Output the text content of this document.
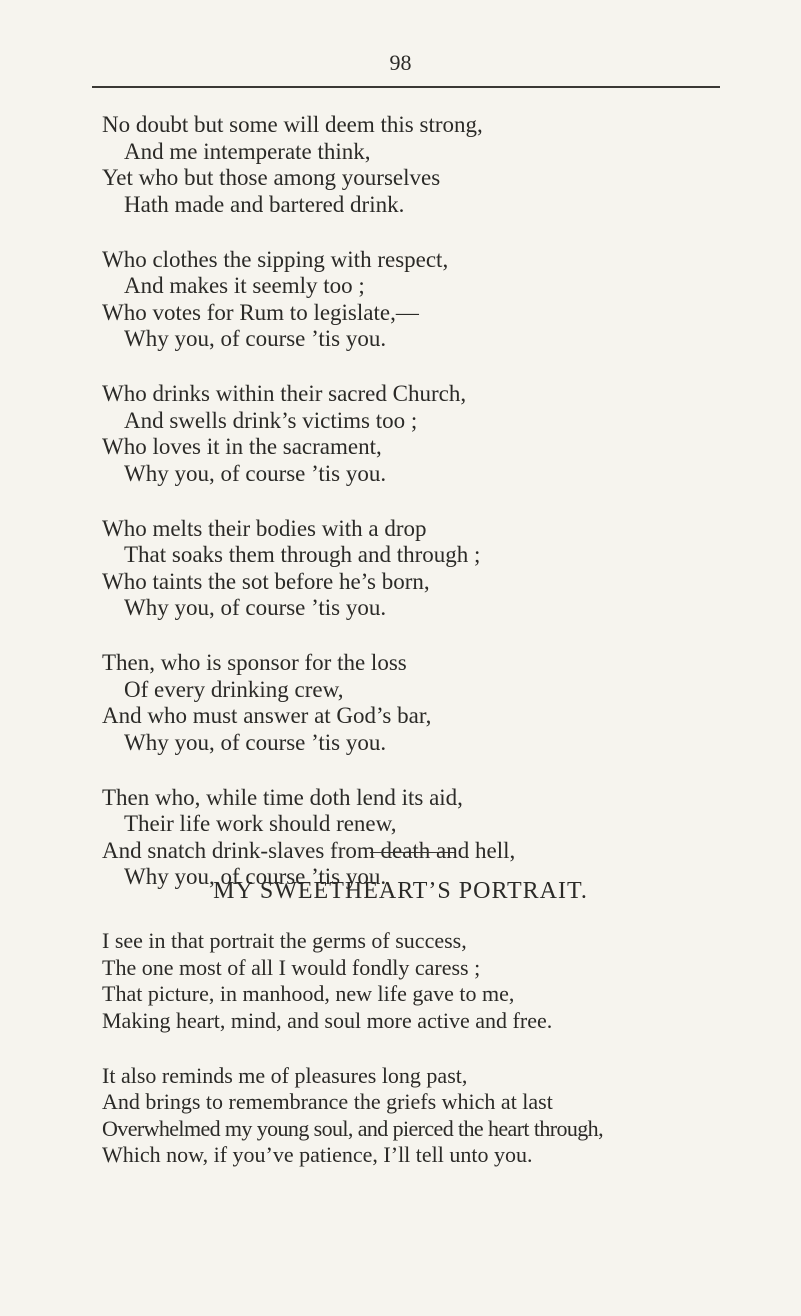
98
No doubt but some will deem this strong,
And me intemperate think,
Yet who but those among yourselves
Hath made and bartered drink.
Who clothes the sipping with respect,
And makes it seemly too ;
Who votes for Rum to legislate,—
Why you, of course ’tis you.
Who drinks within their sacred Church,
And swells drink’s victims too ;
Who loves it in the sacrament,
Why you, of course ’tis you.
Who melts their bodies with a drop
That soaks them through and through ;
Who taints the sot before he’s born,
Why you, of course ’tis you.
Then, who is sponsor for the loss
Of every drinking crew,
And who must answer at God’s bar,
Why you, of course ’tis you.
Then who, while time doth lend its aid,
Their life work should renew,
And snatch drink-slaves from death and hell,
Why you, of course ’tis you.
MY SWEETHEART’S PORTRAIT.
I see in that portrait the germs of success,
The one most of all I would fondly caress ;
That picture, in manhood, new life gave to me,
Making heart, mind, and soul more active and free.
It also reminds me of pleasures long past,
And brings to remembrance the griefs which at last
Overwhelmed my young soul, and pierced the heart through,
Which now, if you’ve patience, I’ll tell unto you.
